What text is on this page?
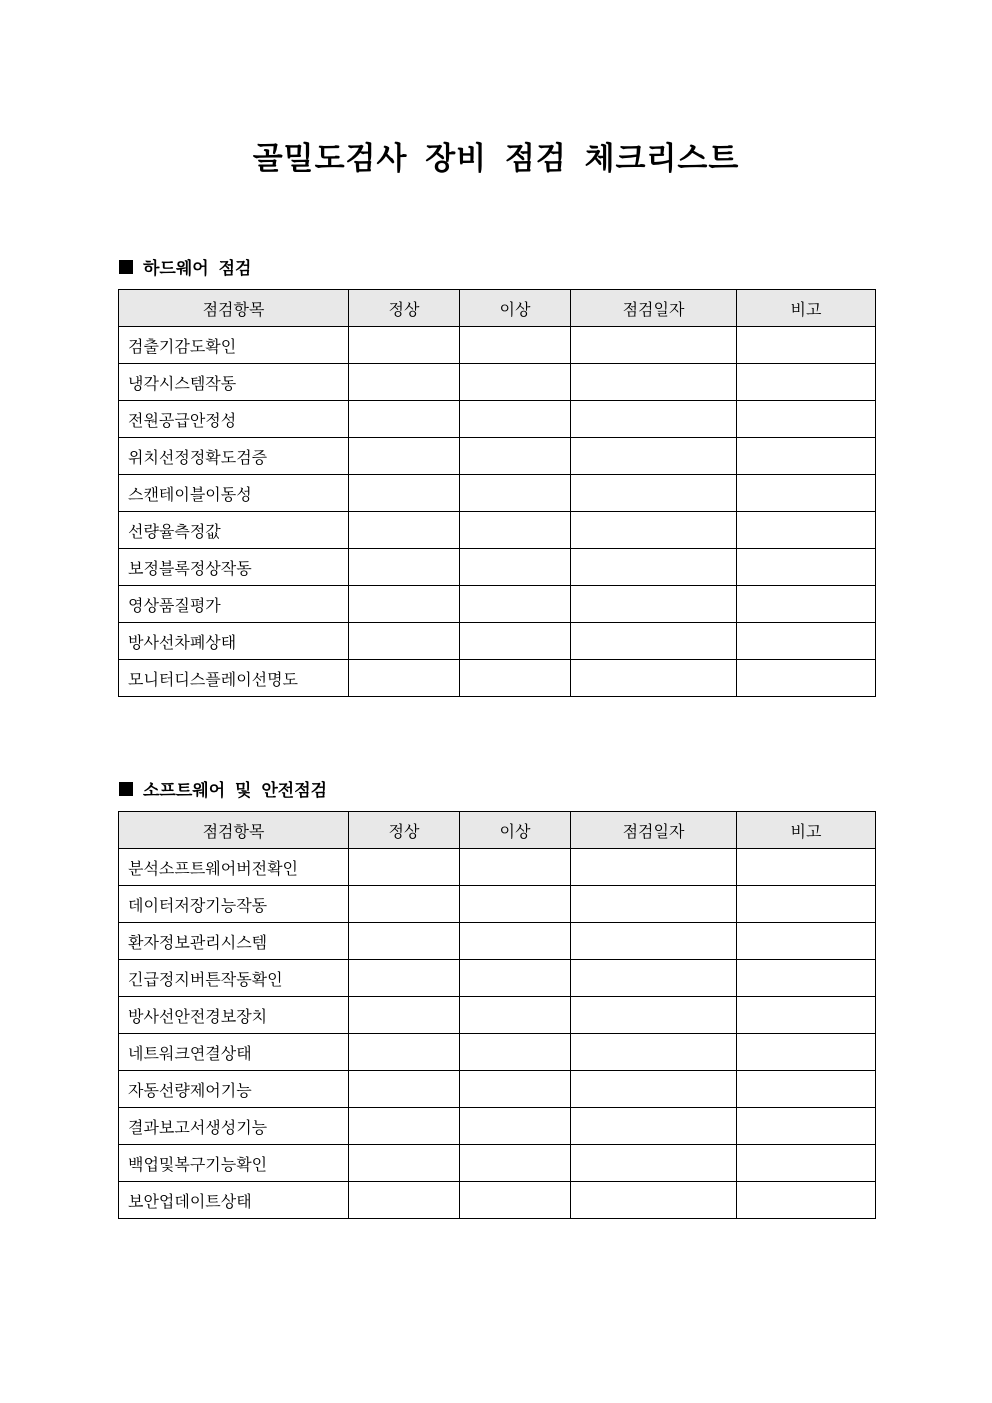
골밀도검사 장비 점검 체크리스트
하드웨어 점검
점검항목	정상	이상	점검일자	비고
검출기감도확인				
냉각시스템작동				
전원공급안정성				
위치선정정확도검증				
스캔테이블이동성				
선량율측정값				
보정블록정상작동				
영상품질평가				
방사선차폐상태				
모니터디스플레이선명도				
소프트웨어 및 안전점검
점검항목	정상	이상	점검일자	비고
분석소프트웨어버전확인				
데이터저장기능작동				
환자정보관리시스템				
긴급정지버튼작동확인				
방사선안전경보장치				
네트워크연결상태				
자동선량제어기능				
결과보고서생성기능				
백업및복구기능확인				
보안업데이트상태				
